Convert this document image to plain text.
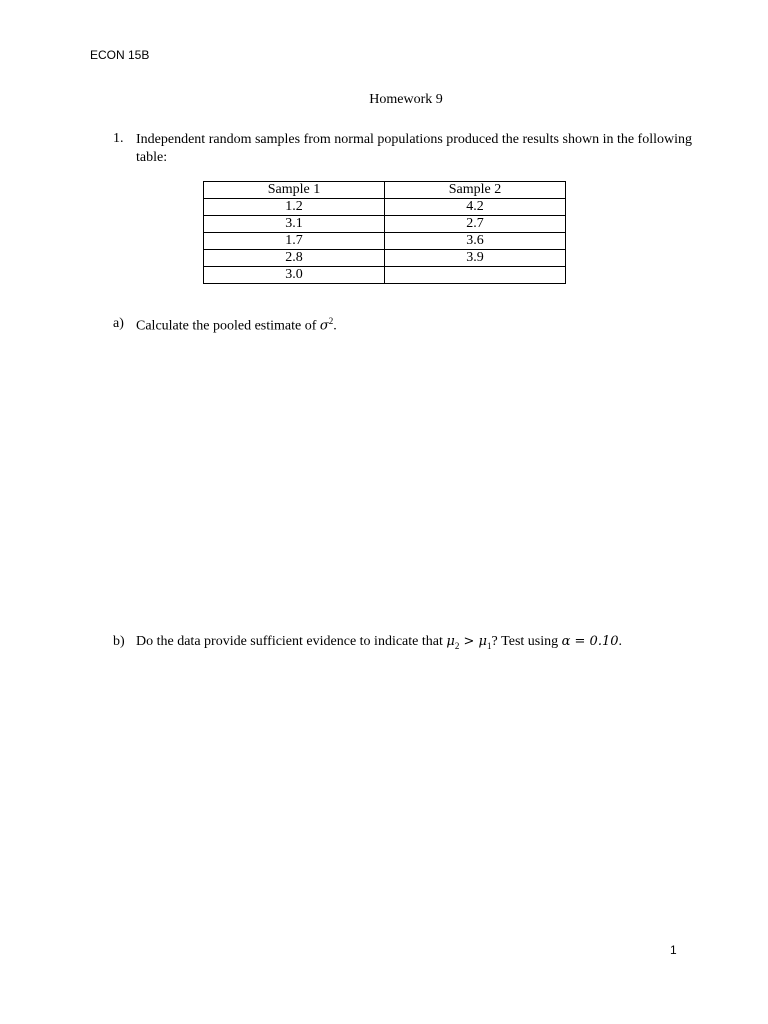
ECON 15B
Homework 9
1. Independent random samples from normal populations produced the results shown in the following table:
Sample 1	Sample 2
1.2	4.2
3.1	2.7
1.7	3.6
2.8	3.9
3.0	
a) Calculate the pooled estimate of $\sigma^2$.
b) Do the data provide sufficient evidence to indicate that $\mu_2 > \mu_1$? Test using α = 0.10.
1
